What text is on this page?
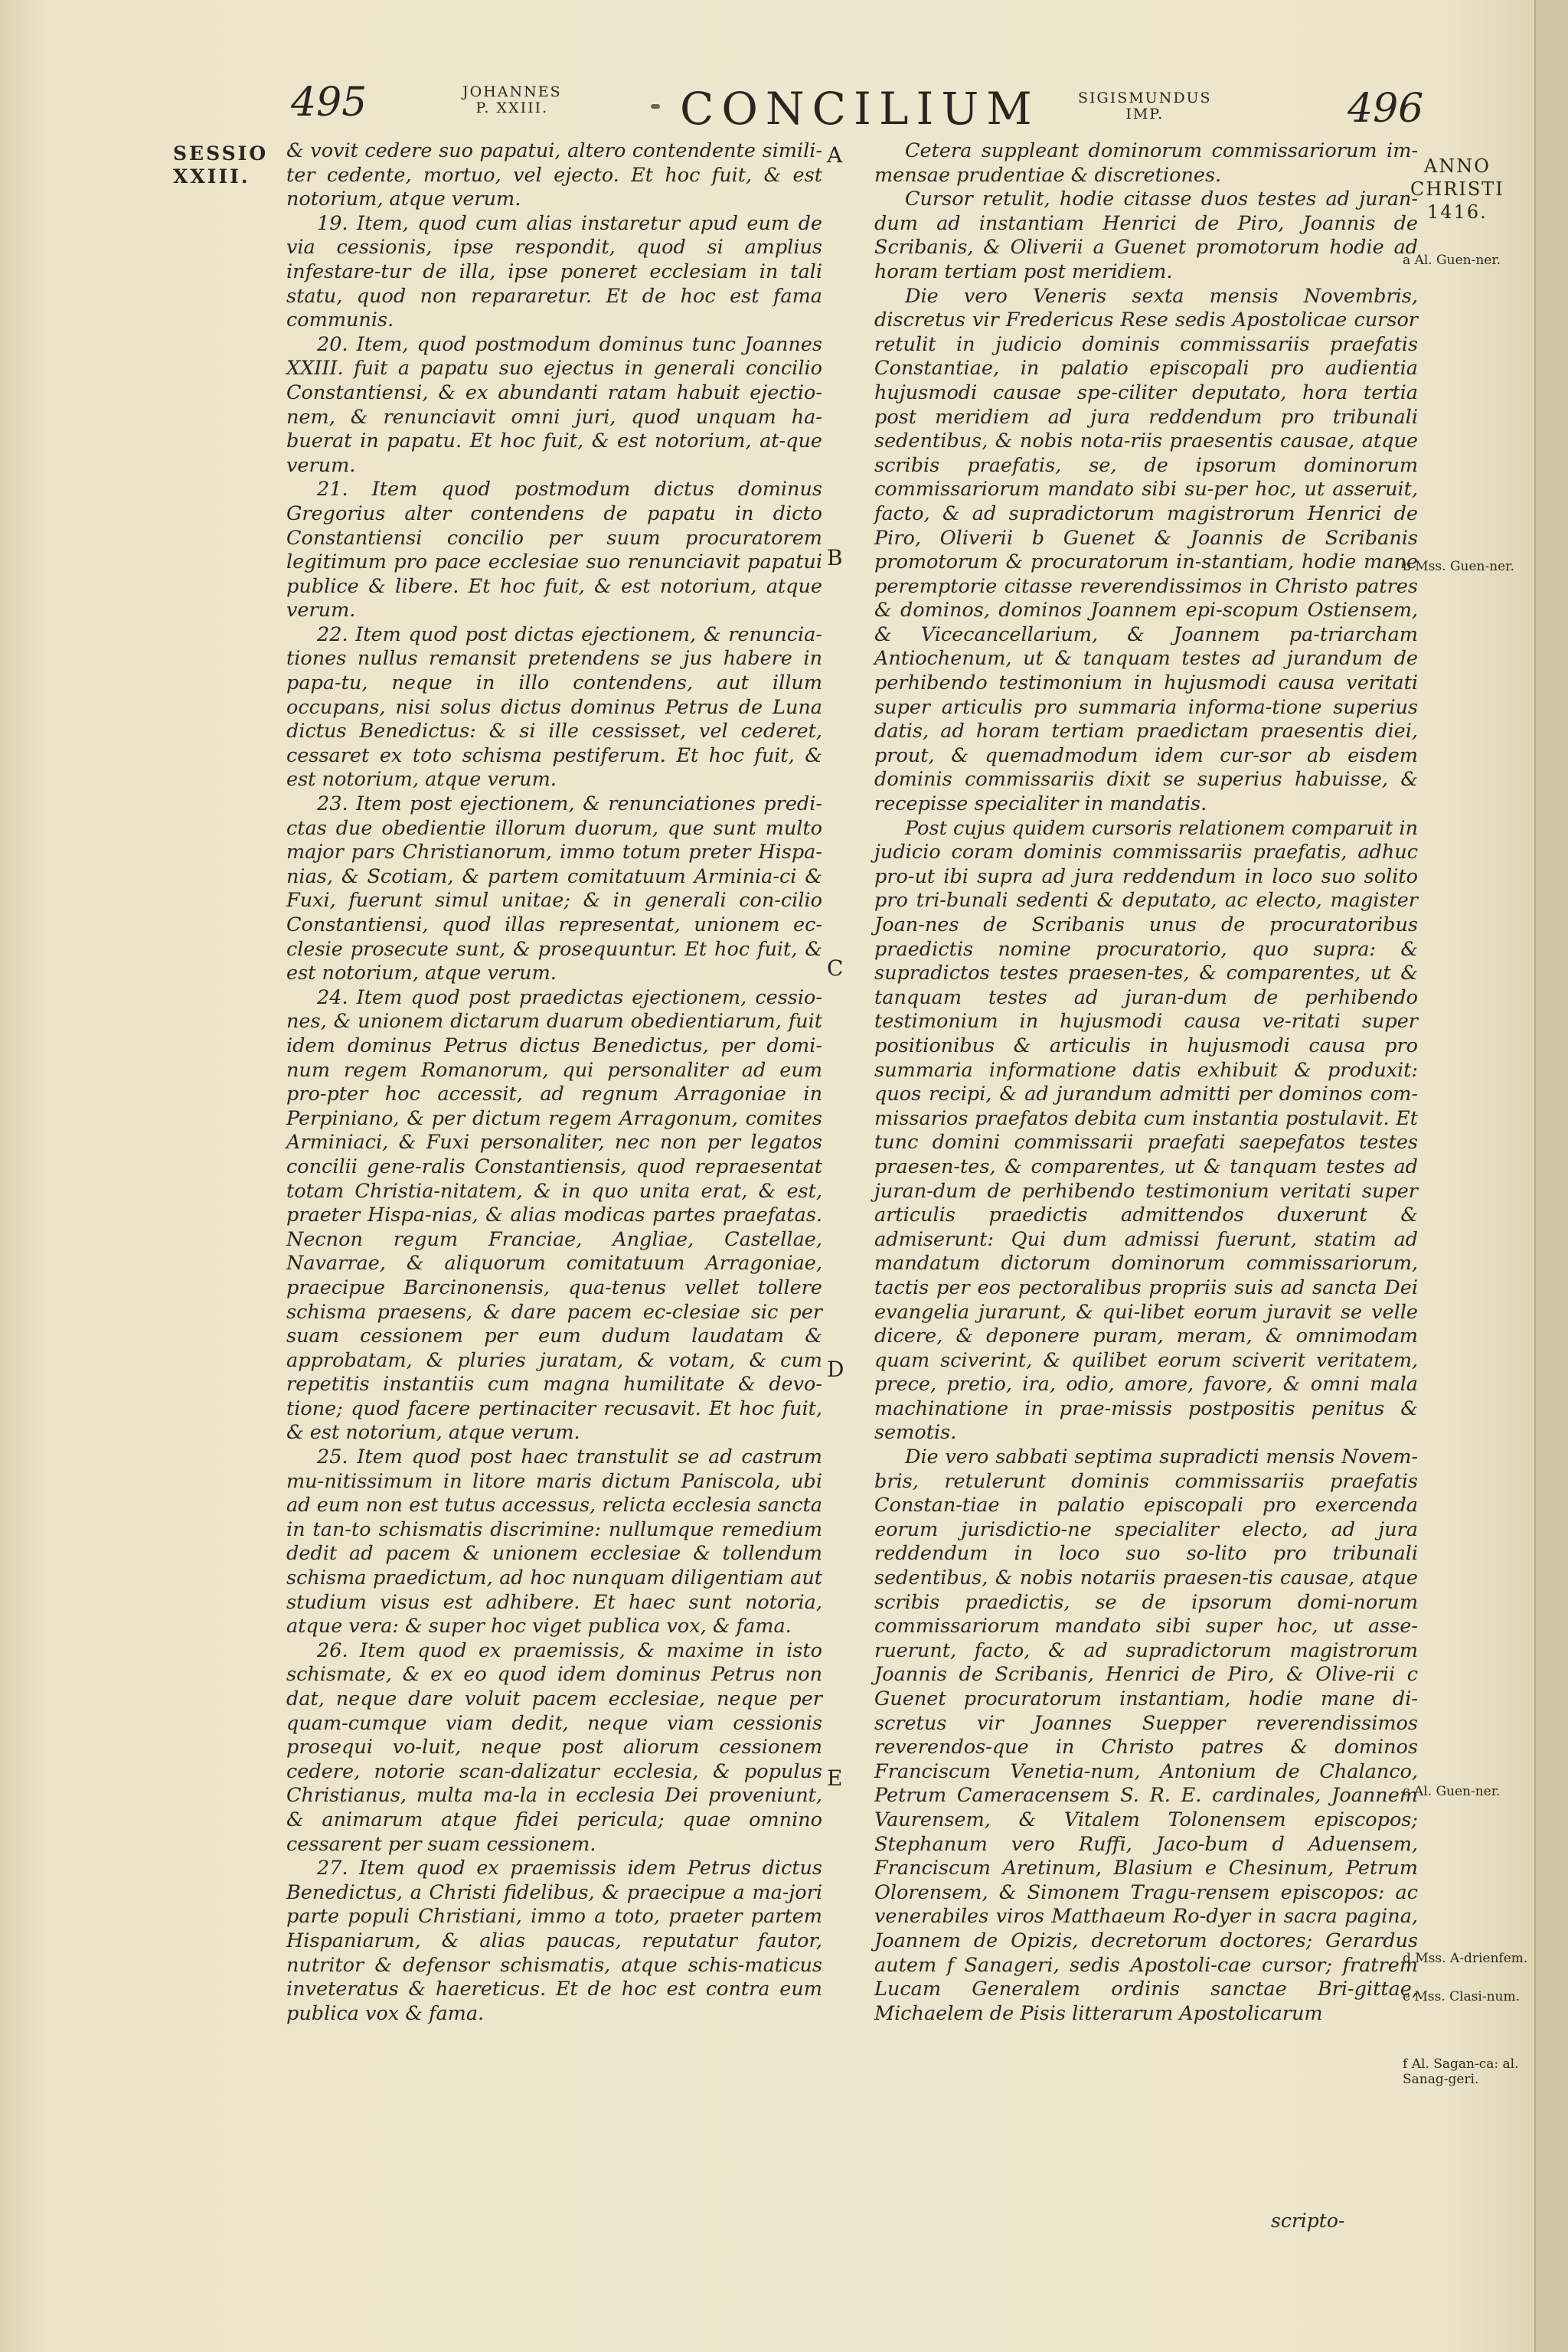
495	JOHANNES
P. XXIII.	CONCILIUM	SIGISMUNDUS
IMP.	496
SESSIO
XXIII.	ANNO
CHRISTI
1416.

& vovit cedere suo papatui, altero contendente simili-ter cedente, mortuo, vel ejecto. Et hoc fuit, & est notorium, atque verum.

19. Item, quod cum alias instaretur apud eum de via cessionis, ipse respondit, quod si amplius infestare-tur de illa, ipse poneret ecclesiam in tali statu, quod non repararetur. Et de hoc est fama communis.

20. Item, quod postmodum dominus tunc Joannes XXIII. fuit a papatu suo ejectus in generali concilio Constantiensi, & ex abundanti ratam habuit ejectio-nem, & renunciavit omni juri, quod unquam ha-buerat in papatu. Et hoc fuit, & est notorium, at-que verum.

21. Item quod postmodum dictus dominus Gregorius alter contendens de papatu in dicto Constantiensi concilio per suum procuratorem legitimum pro pace ecclesiae suo renunciavit papatui publice & libere. Et hoc fuit, & est notorium, atque verum.

22. Item quod post dictas ejectionem, & renuncia-tiones nullus remansit pretendens se jus habere in papa-tu, neque in illo contendens, aut illum occupans, nisi solus dictus dominus Petrus de Luna dictus Benedictus: & si ille cessisset, vel cederet, cessaret ex toto schisma pestiferum. Et hoc fuit, & est notorium, atque verum.

23. Item post ejectionem, & renunciationes predi-ctas due obedientie illorum duorum, que sunt multo major pars Christianorum, immo totum preter Hispa-nias, & Scotiam, & partem comitatuum Arminia-ci & Fuxi, fuerunt simul unitae; & in generali con-cilio Constantiensi, quod illas representat, unionem ec-clesie prosecute sunt, & prosequuntur. Et hoc fuit, & est notorium, atque verum.

24. Item quod post praedictas ejectionem, cessio-nes, & unionem dictarum duarum obedientiarum, fuit idem dominus Petrus dictus Benedictus, per domi-num regem Romanorum, qui personaliter ad eum pro-pter hoc accessit, ad regnum Arragoniae in Perpiniano, & per dictum regem Arragonum, comites Arminiaci, & Fuxi personaliter, nec non per legatos concilii gene-ralis Constantiensis, quod repraesentat totam Christia-nitatem, & in quo unita erat, & est, praeter Hispa-nias, & alias modicas partes praefatas. Necnon regum Franciae, Angliae, Castellae, Navarrae, & aliquorum comitatuum Arragoniae, praecipue Barcinonensis, qua-tenus vellet tollere schisma praesens, & dare pacem ec-clesiae sic per suam cessionem per eum dudum laudatam & approbatam, & pluries juratam, & votam, & cum repetitis instantiis cum magna humilitate & devo-tione; quod facere pertinaciter recusavit. Et hoc fuit, & est notorium, atque verum.

25. Item quod post haec transtulit se ad castrum mu-nitissimum in litore maris dictum Paniscola, ubi ad eum non est tutus accessus, relicta ecclesia sancta in tan-to schismatis discrimine: nullumque remedium dedit ad pacem & unionem ecclesiae & tollendum schisma praedictum, ad hoc nunquam diligentiam aut studium visus est adhibere. Et haec sunt notoria, atque vera: & super hoc viget publica vox, & fama.

26. Item quod ex praemissis, & maxime in isto schismate, & ex eo quod idem dominus Petrus non dat, neque dare voluit pacem ecclesiae, neque per quam-cumque viam dedit, neque viam cessionis prosequi vo-luit, neque post aliorum cessionem cedere, notorie scan-dalizatur ecclesia, & populus Christianus, multa ma-la in ecclesia Dei proveniunt, & animarum atque fidei pericula; quae omnino cessarent per suam cessionem.

27. Item quod ex praemissis idem Petrus dictus Benedictus, a Christi fidelibus, & praecipue a ma-jori parte populi Christiani, immo a toto, praeter partem Hispaniarum, & alias paucas, reputatur fautor, nutritor & defensor schismatis, atque schis-maticus inveteratus & haereticus. Et de hoc est contra eum publica vox & fama.

A
B
C
D
E

Cetera suppleant dominorum commissariorum im-mensae prudentiae & discretiones.

Cursor retulit, hodie citasse duos testes ad juran-dum ad instantiam Henrici de Piro, Joannis de Scribanis, & Oliverii a Guenet promotorum hodie ad horam tertiam post meridiem.

Die vero Veneris sexta mensis Novembris, discretus vir Fredericus Rese sedis Apostolicae cursor retulit in judicio dominis commissariis praefatis Constantiae, in palatio episcopali pro audientia hujusmodi causae spe-ciliter deputato, hora tertia post meridiem ad jura reddendum pro tribunali sedentibus, & nobis nota-riis praesentis causae, atque scribis praefatis, se, de ipsorum dominorum commissariorum mandato sibi su-per hoc, ut asseruit, facto, & ad supradictorum magistrorum Henrici de Piro, Oliverii b Guenet & Joannis de Scribanis promotorum & procuratorum in-stantiam, hodie mane peremptorie citasse reverendissimos in Christo patres & dominos, dominos Joannem epi-scopum Ostiensem, & Vicecancellarium, & Joannem pa-triarcham Antiochenum, ut & tanquam testes ad jurandum de perhibendo testimonium in hujusmodi causa veritati super articulis pro summaria informa-tione superius datis, ad horam tertiam praedictam praesentis diei, prout, & quemadmodum idem cur-sor ab eisdem dominis commissariis dixit se superius habuisse, & recepisse specialiter in mandatis.

Post cujus quidem cursoris relationem comparuit in judicio coram dominis commissariis praefatis, adhuc pro-ut ibi supra ad jura reddendum in loco suo solito pro tri-bunali sedenti & deputato, ac electo, magister Joan-nes de Scribanis unus de procuratoribus praedictis nomine procuratorio, quo supra: & supradictos testes praesen-tes, & comparentes, ut & tanquam testes ad juran-dum de perhibendo testimonium in hujusmodi causa ve-ritati super positionibus & articulis in hujusmodi causa pro summaria informatione datis exhibuit & produxit: quos recipi, & ad jurandum admitti per dominos com-missarios praefatos debita cum instantia postulavit. Et tunc domini commissarii praefati saepefatos testes praesen-tes, & comparentes, ut & tanquam testes ad juran-dum de perhibendo testimonium veritati super articulis praedictis admittendos duxerunt & admiserunt: Qui dum admissi fuerunt, statim ad mandatum dictorum dominorum commissariorum, tactis per eos pectoralibus propriis suis ad sancta Dei evangelia jurarunt, & qui-libet eorum juravit se velle dicere, & deponere puram, meram, & omnimodam quam sciverint, & quilibet eorum sciverit veritatem, prece, pretio, ira, odio, amore, favore, & omni mala machinatione in prae-missis postpositis penitus & semotis.

Die vero sabbati septima supradicti mensis Novem-bris, retulerunt dominis commissariis praefatis Constan-tiae in palatio episcopali pro exercenda eorum jurisdictio-ne specialiter electo, ad jura reddendum in loco suo so-lito pro tribunali sedentibus, & nobis notariis praesen-tis causae, atque scribis praedictis, se de ipsorum domi-norum commissariorum mandato sibi super hoc, ut asse-ruerunt, facto, & ad supradictorum magistrorum Joannis de Scribanis, Henrici de Piro, & Olive-rii c Guenet procuratorum instantiam, hodie mane di-scretus vir Joannes Suepper reverendissimos reverendos-que in Christo patres & dominos Franciscum Venetia-num, Antonium de Chalanco, Petrum Cameracensem S. R. E. cardinales, Joannem Vaurensem, & Vitalem Tolonensem episcopos; Stephanum vero Ruffi, Jaco-bum d Aduensem, Franciscum Aretinum, Blasium e Chesinum, Petrum Olorensem, & Simonem Tragu-rensem episcopos: ac venerabiles viros Matthaeum Ro-dyer in sacra pagina, Joannem de Opizis, decretorum doctores; Gerardus autem f Sanageri, sedis Apostoli-cae cursor; fratrem Lucam Generalem ordinis sanctae Bri-gittae, Michaelem de Pisis litterarum Apostolicarum

a Al. Guen-ner.
b Mss. Guen-ner.
c Al. Guen-ner.
d Mss. A-drienfem.
e Mss. Clasi-num.
f Al. Sagan-ca: al. Sanag-geri.
scripto-
